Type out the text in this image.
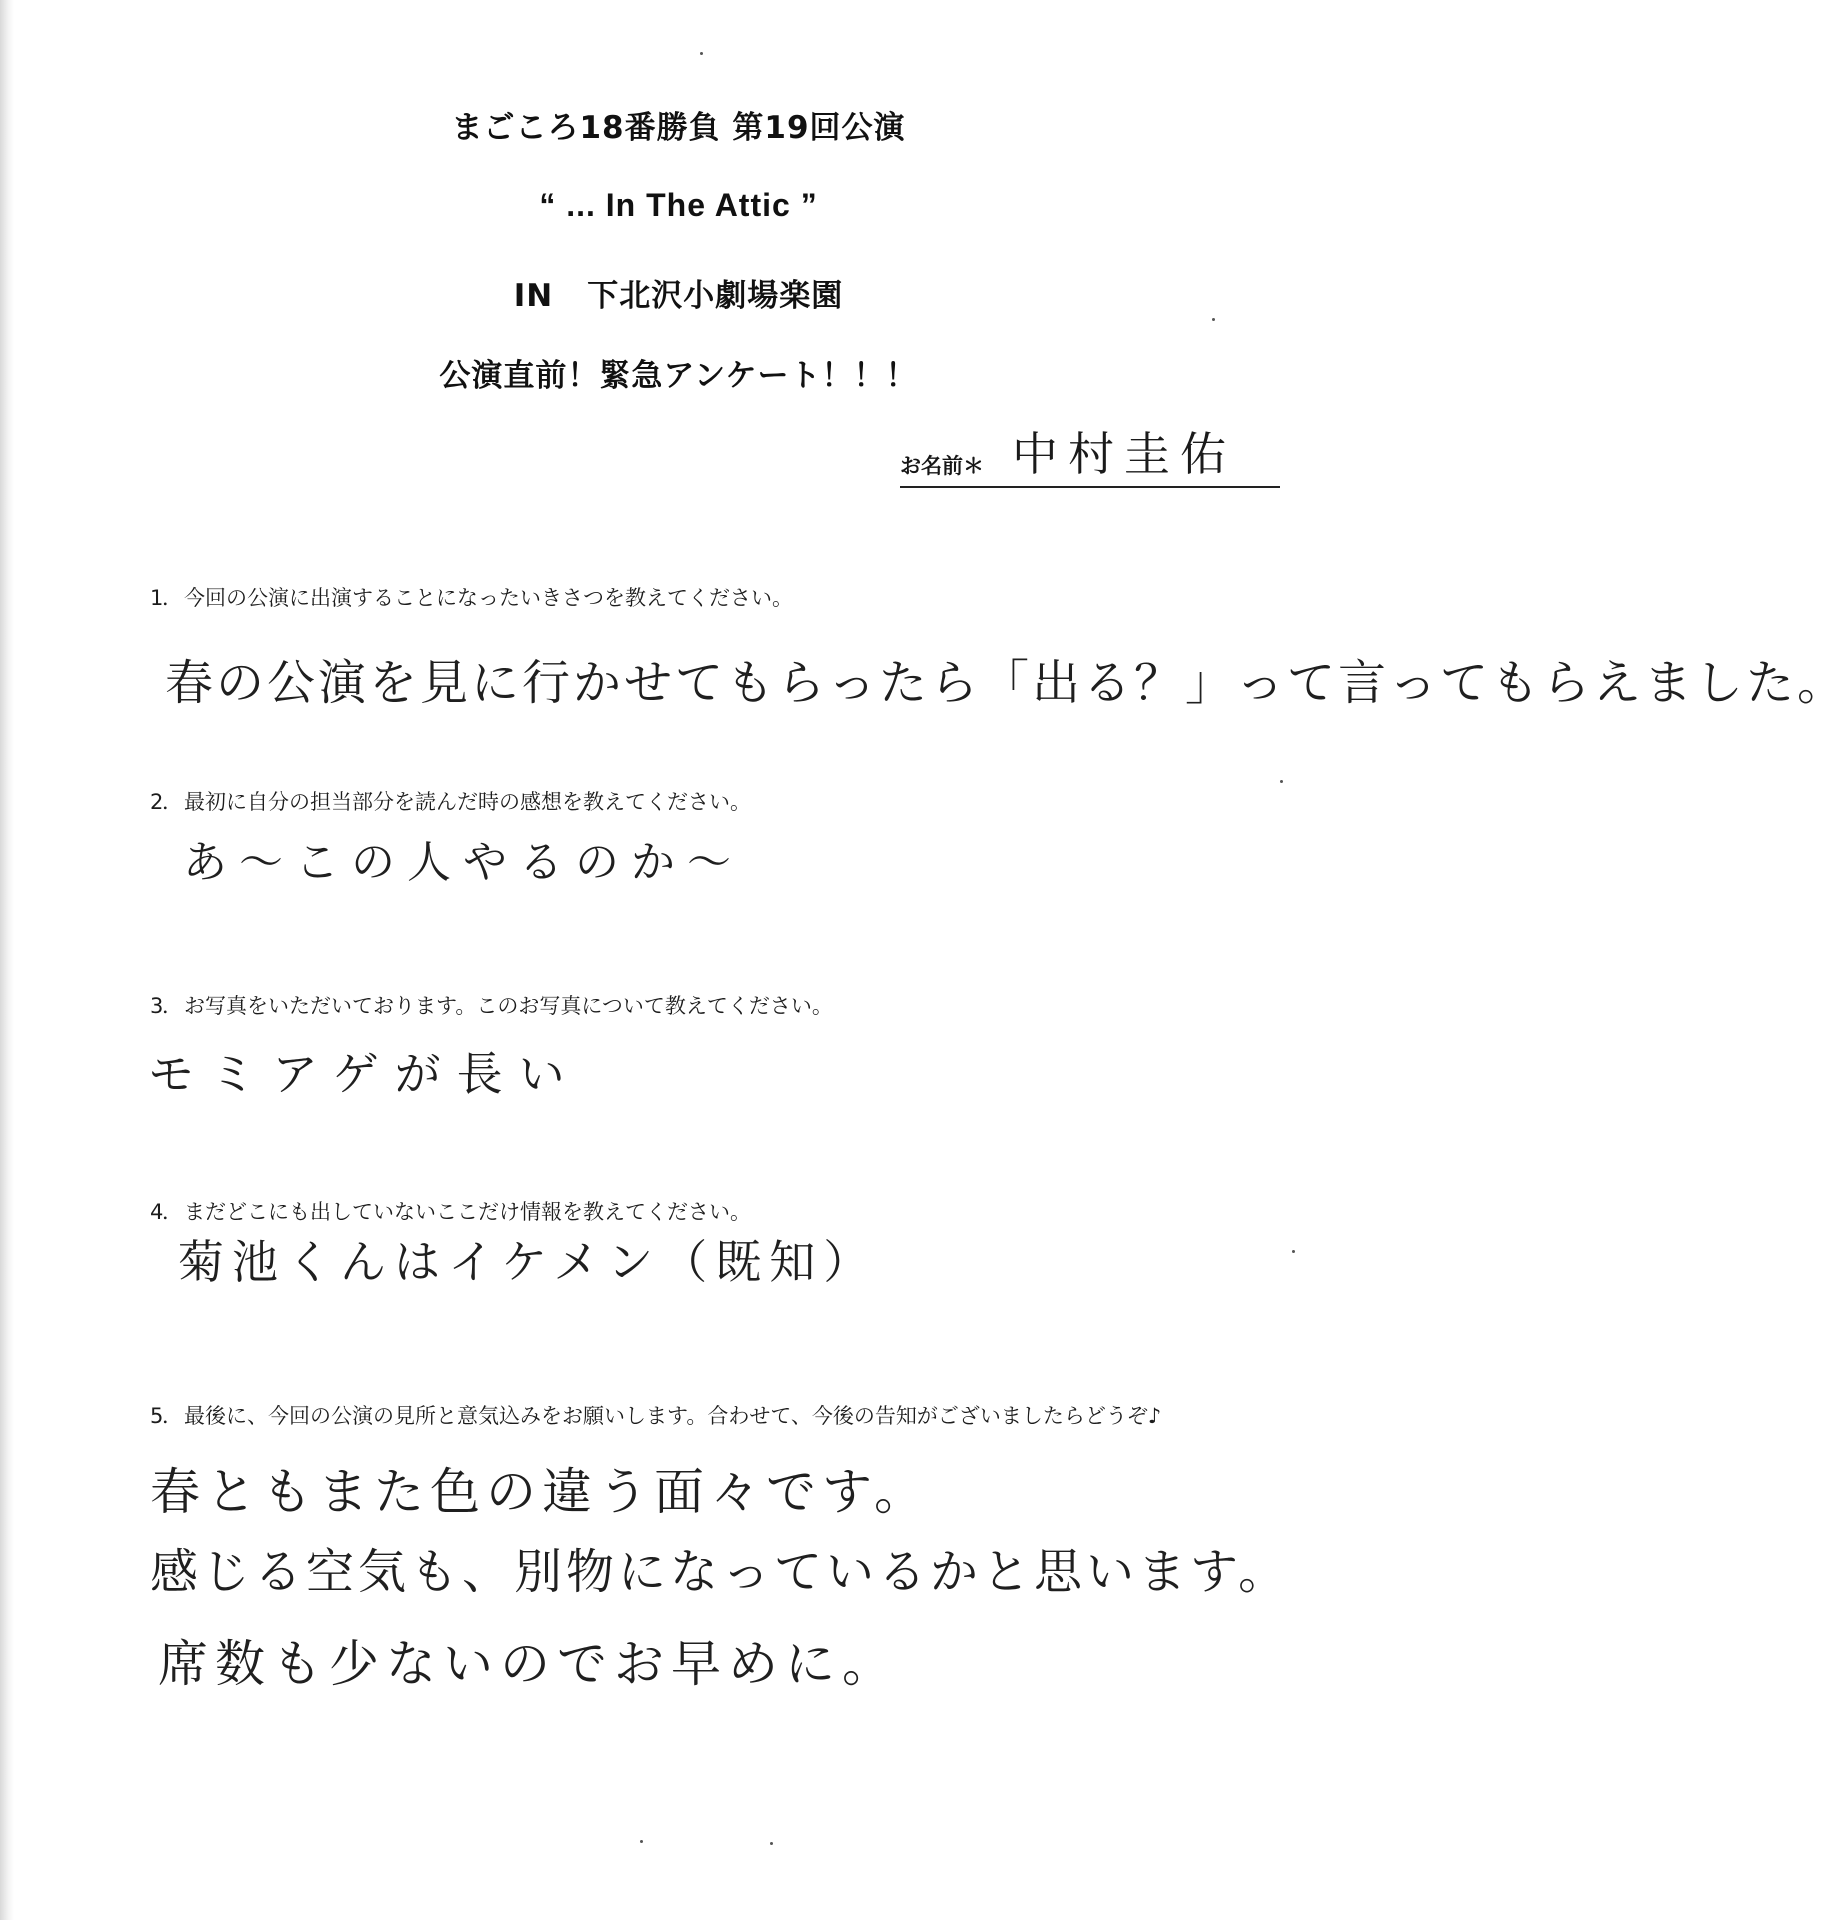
まごころ18番勝負 第19回公演
“ ... In The Attic ”
IN 下北沢小劇場楽園
公演直前！緊急アンケート！！！
お名前＊ 中村圭佑
1．今回の公演に出演することになったいきさつを教えてください。
春の公演を見に行かせてもらったら「出る？」って言ってもらえました。
2．最初に自分の担当部分を読んだ時の感想を教えてください。
あ～この人やるのか～
3．お写真をいただいております。このお写真について教えてください。
モミアゲが長い
4．まだどこにも出していないここだけ情報を教えてください。
菊池くんはイケメン（既知）
5．最後に、今回の公演の見所と意気込みをお願いします。合わせて、今後の告知がございましたらどうぞ♪
春ともまた色の違う面々です。
感じる空気も、別物になっているかと思います。
席数も少ないのでお早めに。
